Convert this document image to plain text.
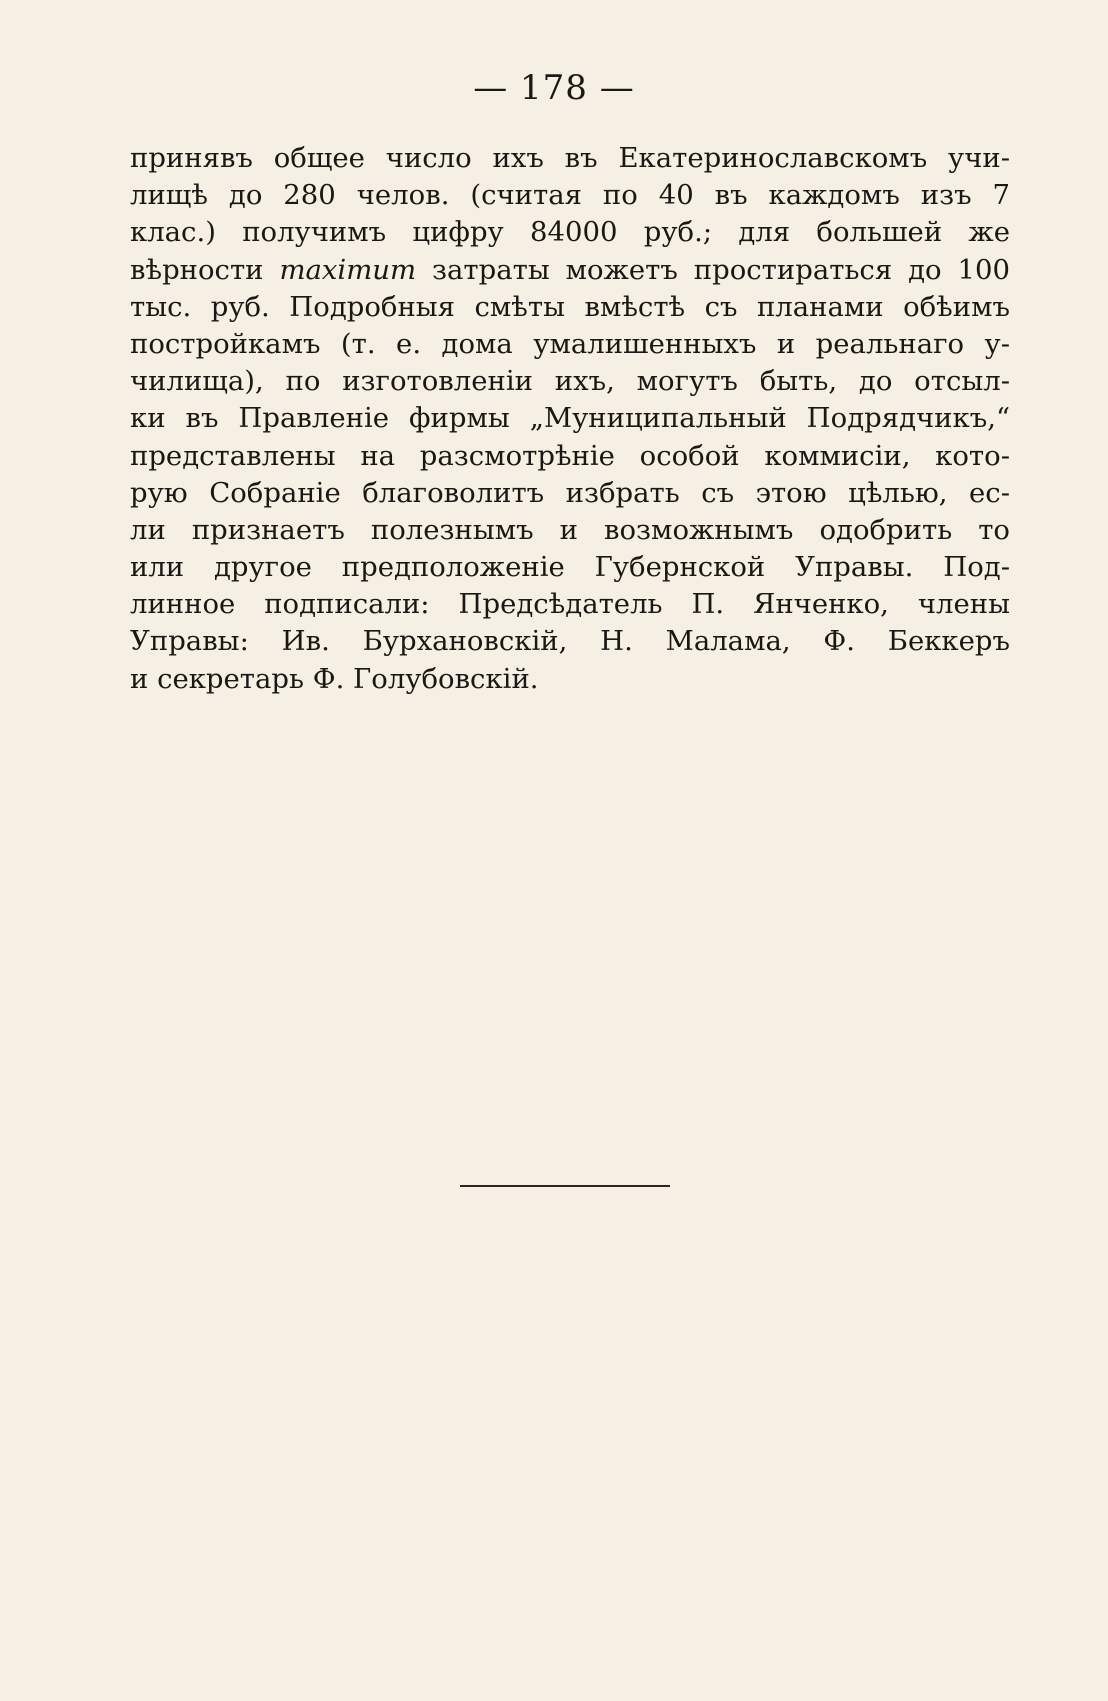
— 178 —
принявъ общее число ихъ въ Екатеринославскомъ учи-
лищѣ до 280 челов. (считая по 40 въ каждомъ изъ 7
клас.) получимъ цифру 84000 руб.; для большей же
вѣрности maximum затраты можетъ простираться до 100
тыс. руб. Подробныя смѣты вмѣстѣ съ планами обѣимъ
постройкамъ (т. е. дома умалишенныхъ и реальнаго у-
чилища), по изготовленіи ихъ, могутъ быть, до отсыл-
ки въ Правленіе фирмы „Муниципальный Подрядчикъ,“
представлены на разсмотрѣніе особой коммисіи, кото-
рую Собраніе благоволитъ избрать съ этою цѣлью, ес-
ли признаетъ полезнымъ и возможнымъ одобрить то
или другое предположеніе Губернской Управы. Под-
линное подписали: Предсѣдатель П. Янченко, члены
Управы: Ив. Бурхановскій, Н. Малама, Ф. Беккеръ
и секретарь Ф. Голубовскій.
